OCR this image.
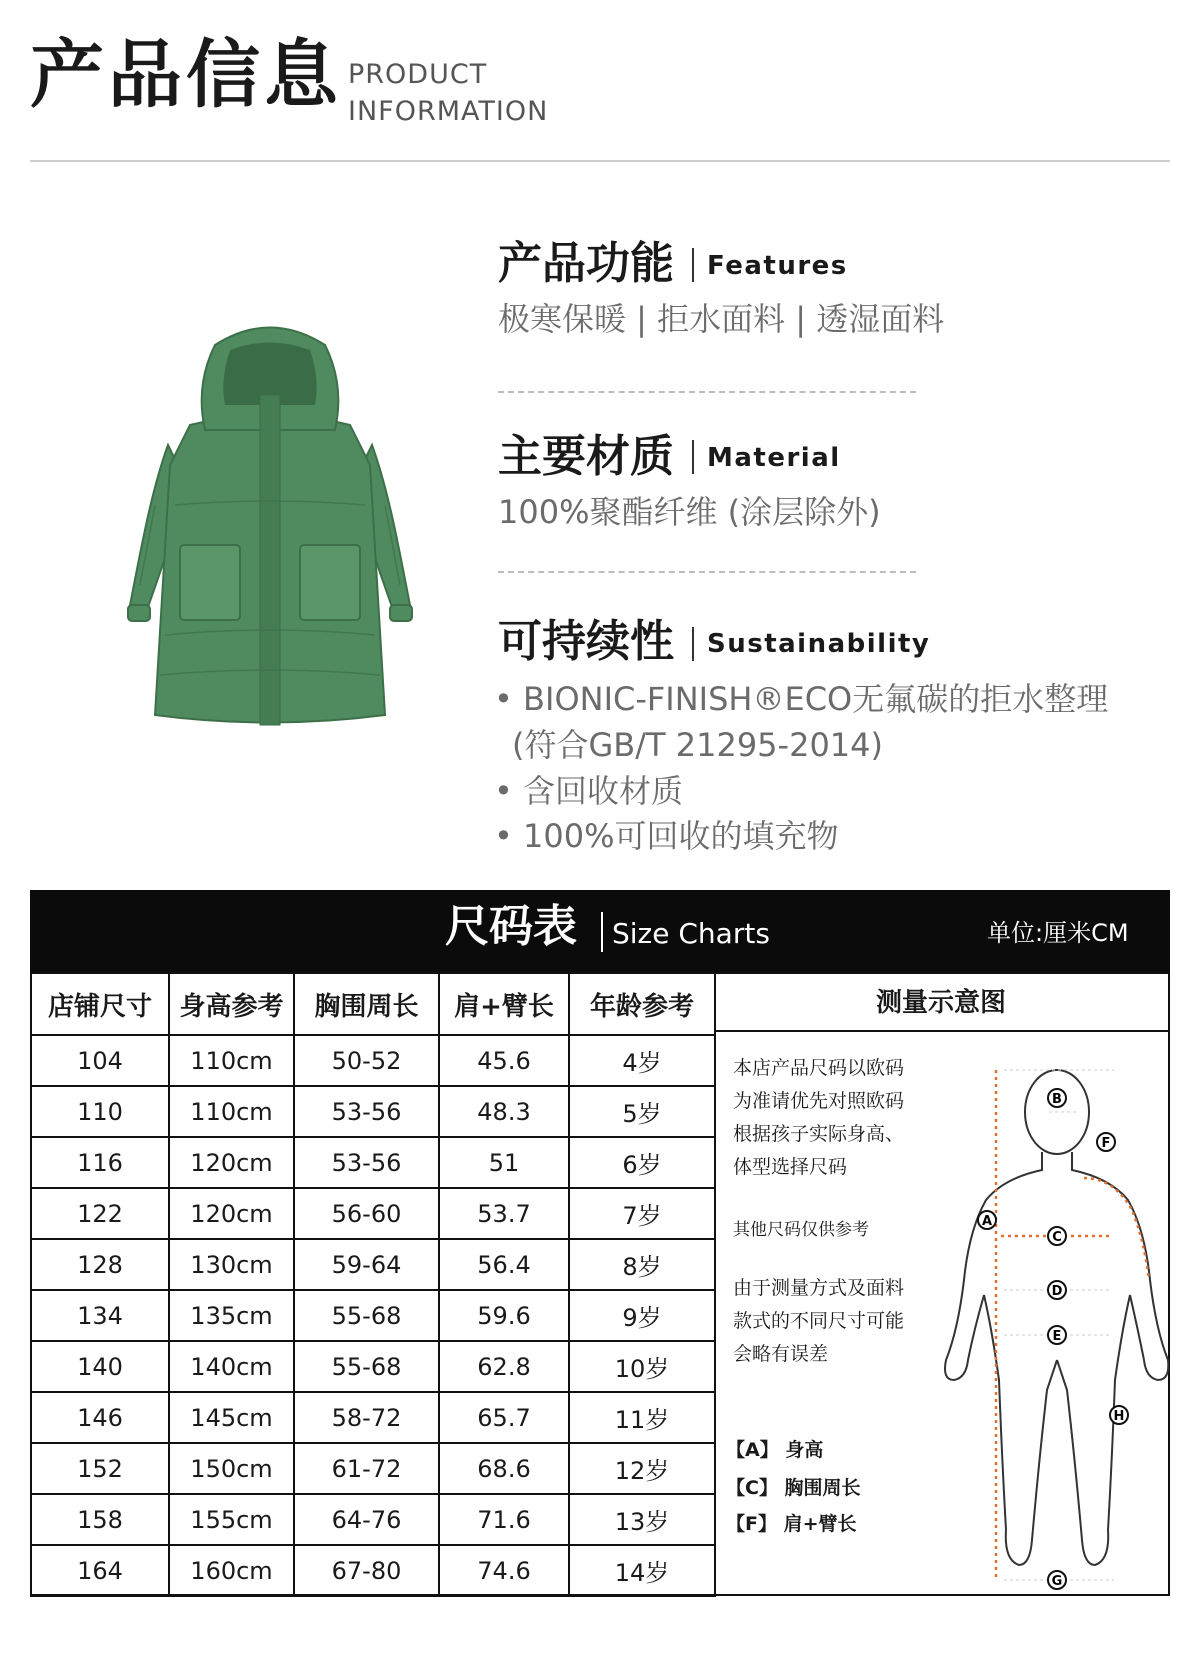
产品信息 PRODUCT
INFORMATION
产品功能 Features
极寒保暖 | 拒水面料 | 透湿面料
主要材质 Material
100%聚酯纤维 (涂层除外)
可持续性 Sustainability
• BIONIC-FINISH®ECO无氟碳的拒水整理
(符合GB/T 21295-2014)
• 含回收材质
• 100%可回收的填充物
尺码表 Size Charts	单位:厘米CM
店铺尺寸	身高参考	胸围周长	肩+臂长	年龄参考
104	110cm	50-52	45.6	4岁
110	110cm	53-56	48.3	5岁
116	120cm	53-56	51	6岁
122	120cm	56-60	53.7	7岁
128	130cm	59-64	56.4	8岁
134	135cm	55-68	59.6	9岁
140	140cm	55-68	62.8	10岁
146	145cm	58-72	65.7	11岁
152	150cm	61-72	68.6	12岁
158	155cm	64-76	71.6	13岁
164	160cm	67-80	74.6	14岁
测量示意图
本店产品尺码以欧码
为准请优先对照欧码
根据孩子实际身高、
体型选择尺码
其他尺码仅供参考
由于测量方式及面料
款式的不同尺寸可能
会略有误差
【A】 身高
【C】 胸围周长
【F】 肩+臂长
A
B
C
D
E
F
G
H
